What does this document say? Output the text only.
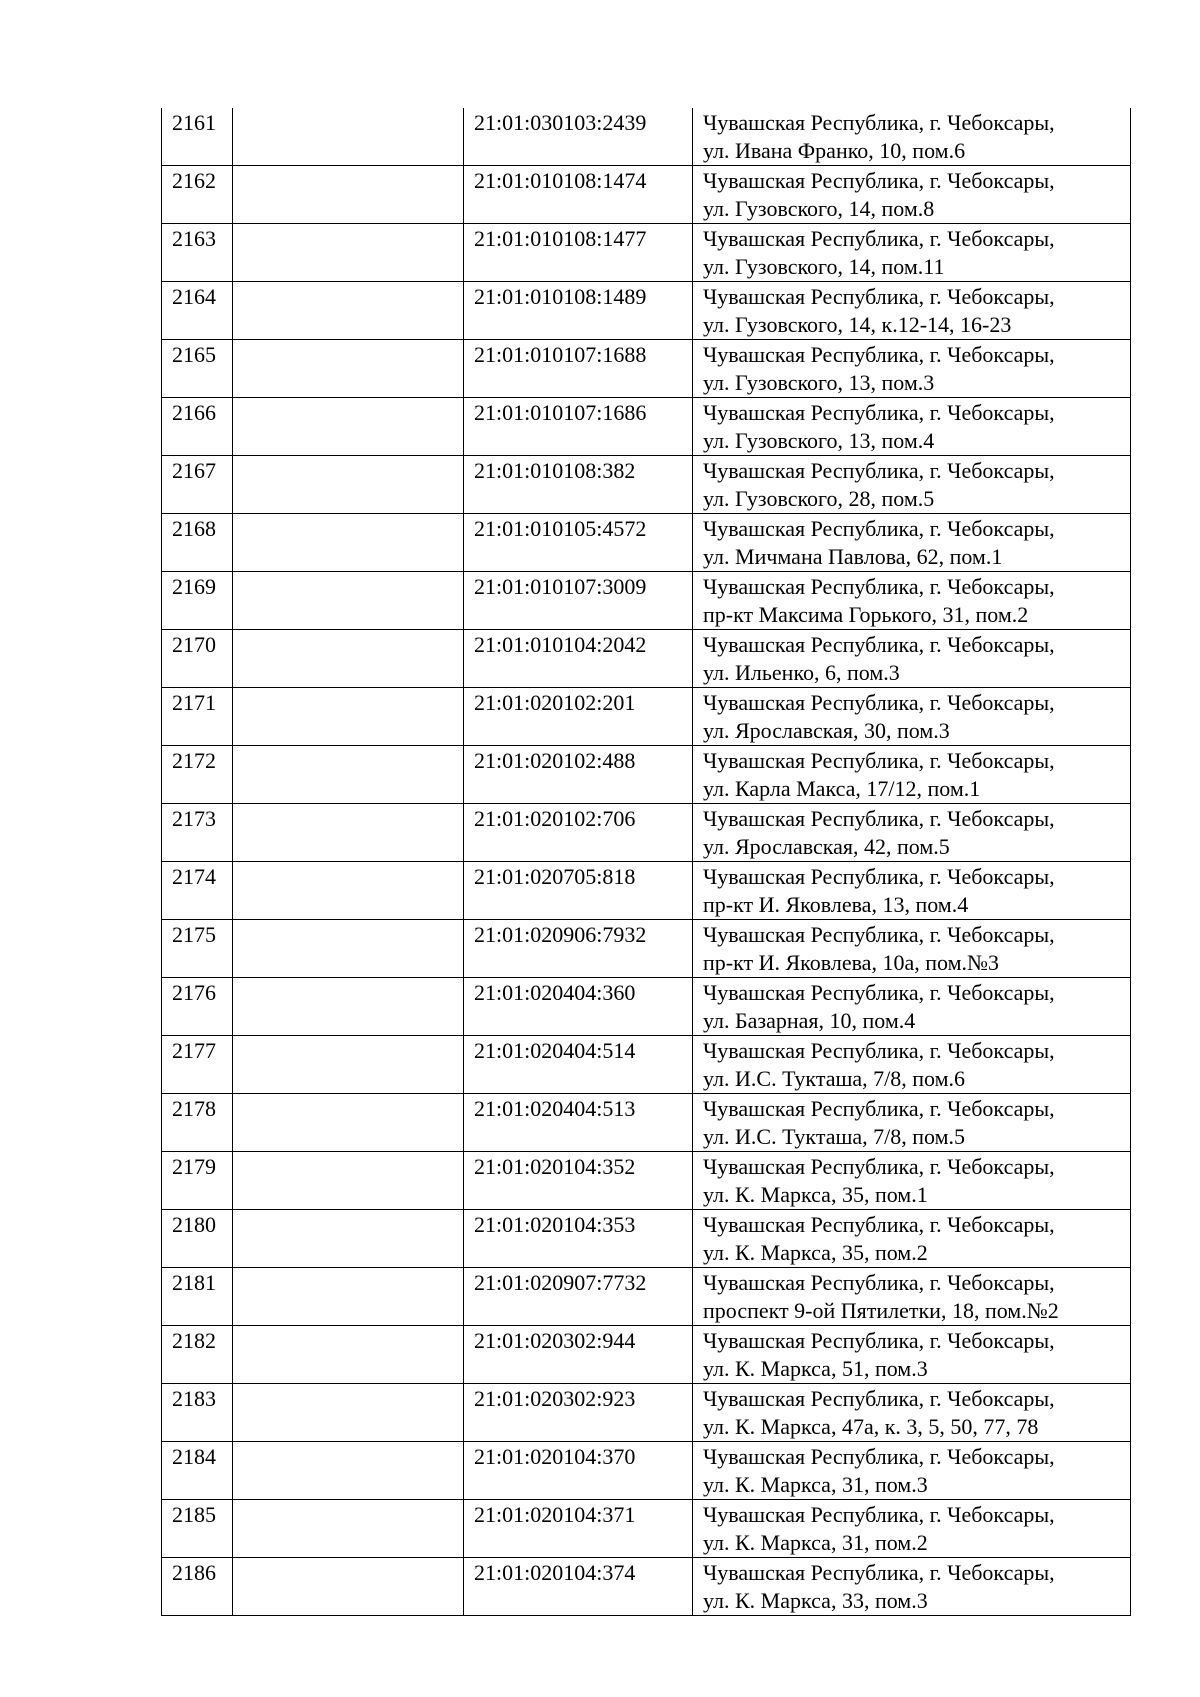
2161		21:01:030103:2439	Чувашская Республика, г. Чебоксары,
ул. Ивана Франко, 10, пом.6

2162		21:01:010108:1474	Чувашская Республика, г. Чебоксары,
ул. Гузовского, 14, пом.8

2163		21:01:010108:1477	Чувашская Республика, г. Чебоксары,
ул. Гузовского, 14, пом.11

2164		21:01:010108:1489	Чувашская Республика, г. Чебоксары,
ул. Гузовского, 14, к.12-14, 16-23

2165		21:01:010107:1688	Чувашская Республика, г. Чебоксары,
ул. Гузовского, 13, пом.3

2166		21:01:010107:1686	Чувашская Республика, г. Чебоксары,
ул. Гузовского, 13, пом.4

2167		21:01:010108:382	Чувашская Республика, г. Чебоксары,
ул. Гузовского, 28, пом.5

2168		21:01:010105:4572	Чувашская Республика, г. Чебоксары,
ул. Мичмана Павлова, 62, пом.1

2169		21:01:010107:3009	Чувашская Республика, г. Чебоксары,
пр-кт Максима Горького, 31, пом.2

2170		21:01:010104:2042	Чувашская Республика, г. Чебоксары,
ул. Ильенко, 6, пом.3

2171		21:01:020102:201	Чувашская Республика, г. Чебоксары,
ул. Ярославская, 30, пом.3

2172		21:01:020102:488	Чувашская Республика, г. Чебоксары,
ул. Карла Макса, 17/12, пом.1

2173		21:01:020102:706	Чувашская Республика, г. Чебоксары,
ул. Ярославская, 42, пом.5

2174		21:01:020705:818	Чувашская Республика, г. Чебоксары,
пр-кт И. Яковлева, 13, пом.4

2175		21:01:020906:7932	Чувашская Республика, г. Чебоксары,
пр-кт И. Яковлева, 10а, пом.№3

2176		21:01:020404:360	Чувашская Республика, г. Чебоксары,
ул. Базарная, 10, пом.4

2177		21:01:020404:514	Чувашская Республика, г. Чебоксары,
ул. И.С. Тукташа, 7/8, пом.6

2178		21:01:020404:513	Чувашская Республика, г. Чебоксары,
ул. И.С. Тукташа, 7/8, пом.5

2179		21:01:020104:352	Чувашская Республика, г. Чебоксары,
ул. К. Маркса, 35, пом.1

2180		21:01:020104:353	Чувашская Республика, г. Чебоксары,
ул. К. Маркса, 35, пом.2

2181		21:01:020907:7732	Чувашская Республика, г. Чебоксары,
проспект 9-ой Пятилетки, 18, пом.№2

2182		21:01:020302:944	Чувашская Республика, г. Чебоксары,
ул. К. Маркса, 51, пом.3

2183		21:01:020302:923	Чувашская Республика, г. Чебоксары,
ул. К. Маркса, 47а, к. 3, 5, 50, 77, 78

2184		21:01:020104:370	Чувашская Республика, г. Чебоксары,
ул. К. Маркса, 31, пом.3

2185		21:01:020104:371	Чувашская Республика, г. Чебоксары,
ул. К. Маркса, 31, пом.2

2186		21:01:020104:374	Чувашская Республика, г. Чебоксары,
ул. К. Маркса, 33, пом.3
